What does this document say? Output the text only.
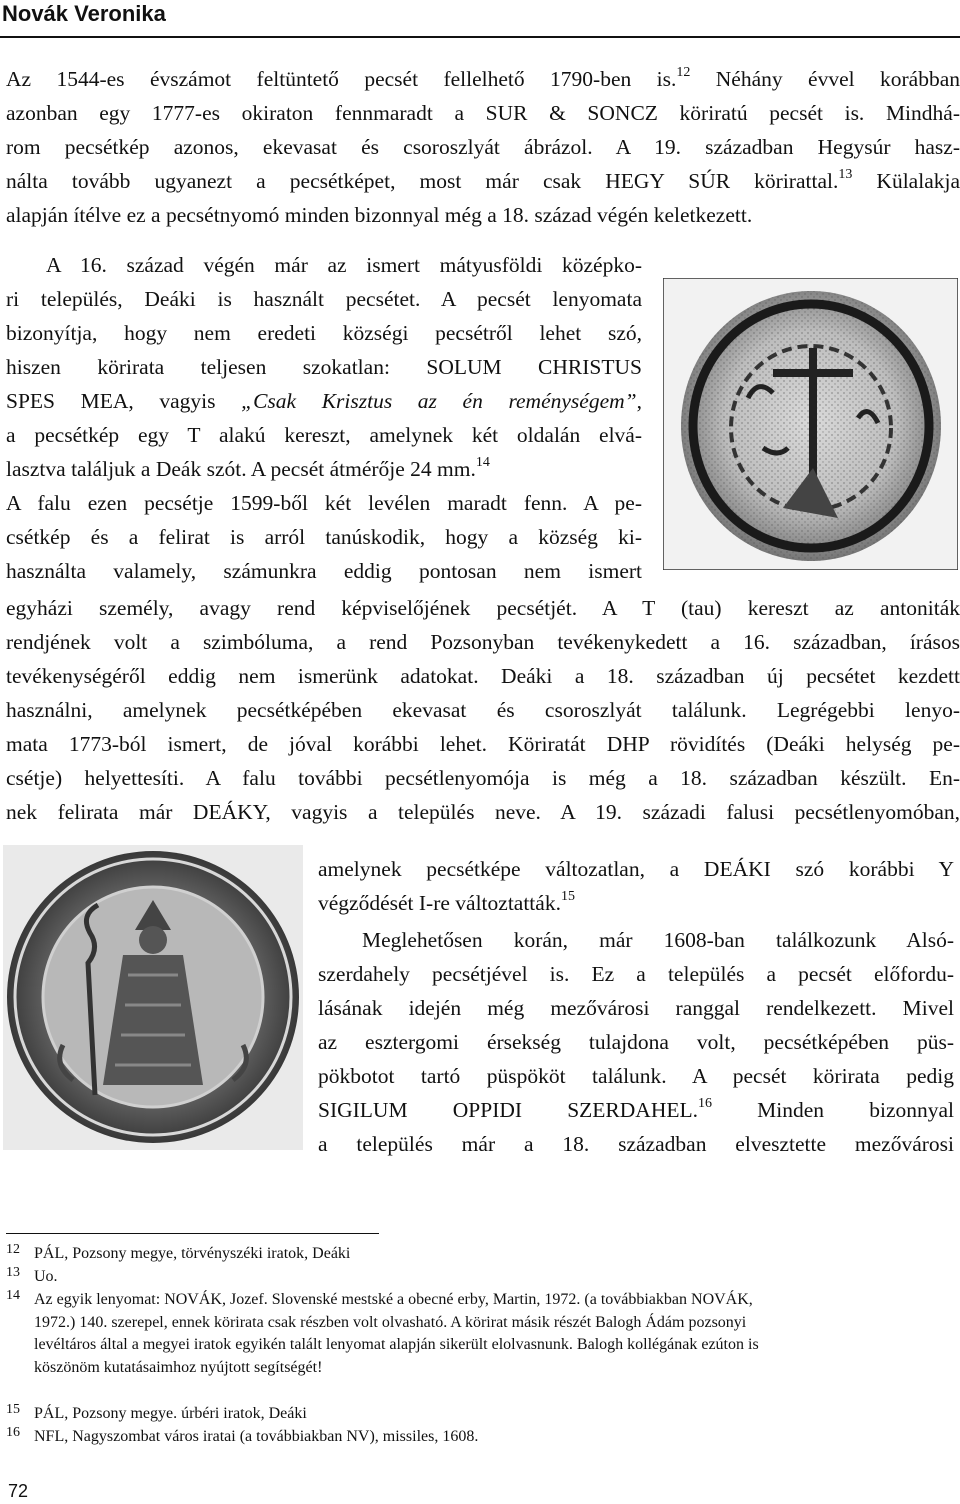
Novák Veronika
Az 1544-es évszámot feltüntető pecsét fellelhető 1790-ben is.$^{12}$ Néhány évvel korábban
azonban egy 1777-es okiraton fennmaradt a SUR & SONCZ köriratú pecsét is. Mindhá-
rom pecsétkép azonos, ekevasat és csoroszlyát ábrázol. A 19. században Hegysúr hasz-
nálta tovább ugyanezt a pecsétképet, most már csak HEGY SÚR körirattal.$^{13}$ Külalakja
alapján ítélve ez a pecsétnyomó minden bizonnyal még a 18. század végén keletkezett.
A 16. század végén már az ismert mátyusföldi középko-
ri település, Deáki is használt pecsétet. A pecsét lenyomata
bizonyítja, hogy nem eredeti községi pecsétről lehet szó,
hiszen körirata teljesen szokatlan: SOLUM CHRISTUS
SPES MEA, vagyis „Csak Krisztus az én reménységem”,
a pecsétkép egy T alakú kereszt, amelynek két oldalán elvá-
lasztva találjuk a Deák szót. A pecsét átmérője 24 mm.$^{14}$
A falu ezen pecsétje 1599-ből két levélen maradt fenn. A pe-
csétkép és a felirat is arról tanúskodik, hogy a község ki-
használta valamely, számunkra eddig pontosan nem ismert
egyházi személy, avagy rend képviselőjének pecsétjét. A T (tau) kereszt az antoniták
rendjének volt a szimbóluma, a rend Pozsonyban tevékenykedett a 16. században, írásos
tevékenységéről eddig nem ismerünk adatokat. Deáki a 18. században új pecsétet kezdett
használni, amelynek pecsétképében ekevasat és csoroszlyát találunk. Legrégebbi lenyo-
mata 1773-ból ismert, de jóval korábbi lehet. Köriratát DHP rövidítés (Deáki helység pe-
csétje) helyettesíti. A falu további pecsétlenyomója is még a 18. században készült. En-
nek felirata már DEÁKY, vagyis a település neve. A 19. századi falusi pecsétlenyomóban,
amelynek pecsétképe változatlan, a DEÁKI szó korábbi Y
végződését I-re változtatták.$^{15}$
Meglehetősen korán, már 1608-ban találkozunk Alsó-
szerdahely pecsétjével is. Ez a település a pecsét előfordu-
lásának idején még mezővárosi ranggal rendelkezett. Mivel
az esztergomi érsekség tulajdona volt, pecsétképében püs-
pökbotot tartó püspököt találunk. A pecsét körirata pedig
SIGILUM OPPIDI SZERDAHEL.$^{16}$ Minden bizonnyal
a település már a 18. században elvesztette mezővárosi
12 PÁL, Pozsony megye, törvényszéki iratok, Deáki
13 Uo.
14 Az egyik lenyomat: NOVÁK, Jozef. Slovenské mestské a obecné erby, Martin, 1972. (a továbbiakban NOVÁK,
1972.) 140. szerepel, ennek körirata csak részben volt olvasható. A körirat másik részét Balogh Ádám pozsonyi
levéltáros által a megyei iratok egyikén talált lenyomat alapján sikerült elolvasnunk. Balogh kollégának ezúton is
köszönöm kutatásaimhoz nyújtott segítségét!
15 PÁL, Pozsony megye. úrbéri iratok, Deáki
16 NFL, Nagyszombat város iratai (a továbbiakban NV), missiles, 1608.
72
